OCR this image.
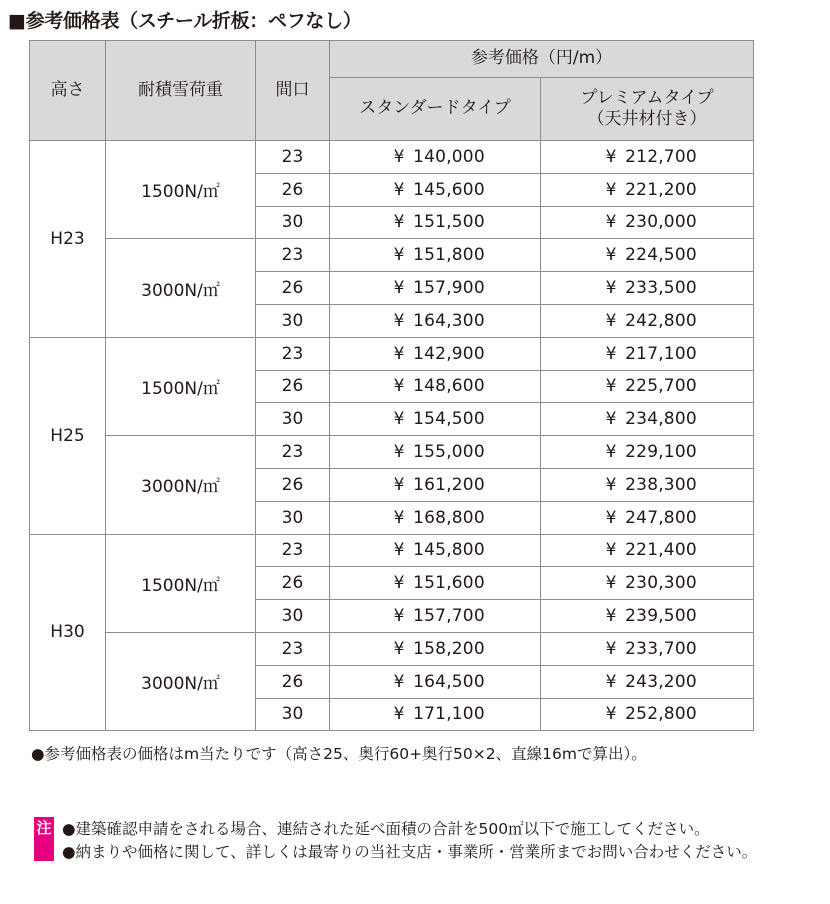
■参考価格表（スチール折板：ペフなし）
高さ	耐積雪荷重	間口	参考価格（円/m）	
			スタンダードタイプ	プレミアムタイプ
（天井材付き）
H23	1500N/㎡	23	¥ 140,000	¥ 212,700
		26	¥ 145,600	¥ 221,200
		30	¥ 151,500	¥ 230,000
	3000N/㎡	23	¥ 151,800	¥ 224,500
		26	¥ 157,900	¥ 233,500
		30	¥ 164,300	¥ 242,800
H25	1500N/㎡	23	¥ 142,900	¥ 217,100
		26	¥ 148,600	¥ 225,700
		30	¥ 154,500	¥ 234,800
	3000N/㎡	23	¥ 155,000	¥ 229,100
		26	¥ 161,200	¥ 238,300
		30	¥ 168,800	¥ 247,800
H30	1500N/㎡	23	¥ 145,800	¥ 221,400
		26	¥ 151,600	¥ 230,300
		30	¥ 157,700	¥ 239,500
	3000N/㎡	23	¥ 158,200	¥ 233,700
		26	¥ 164,500	¥ 243,200
		30	¥ 171,100	¥ 252,800
●参考価格表の価格はm当たりです（高さ25、奥行60+奥行50×2、直線16mで算出）。
注 ●建築確認申請をされる場合、連結された延べ面積の合計を500㎡以下で施工してください。
●納まりや価格に関して、詳しくは最寄りの当社支店・事業所・営業所までお問い合わせください。
